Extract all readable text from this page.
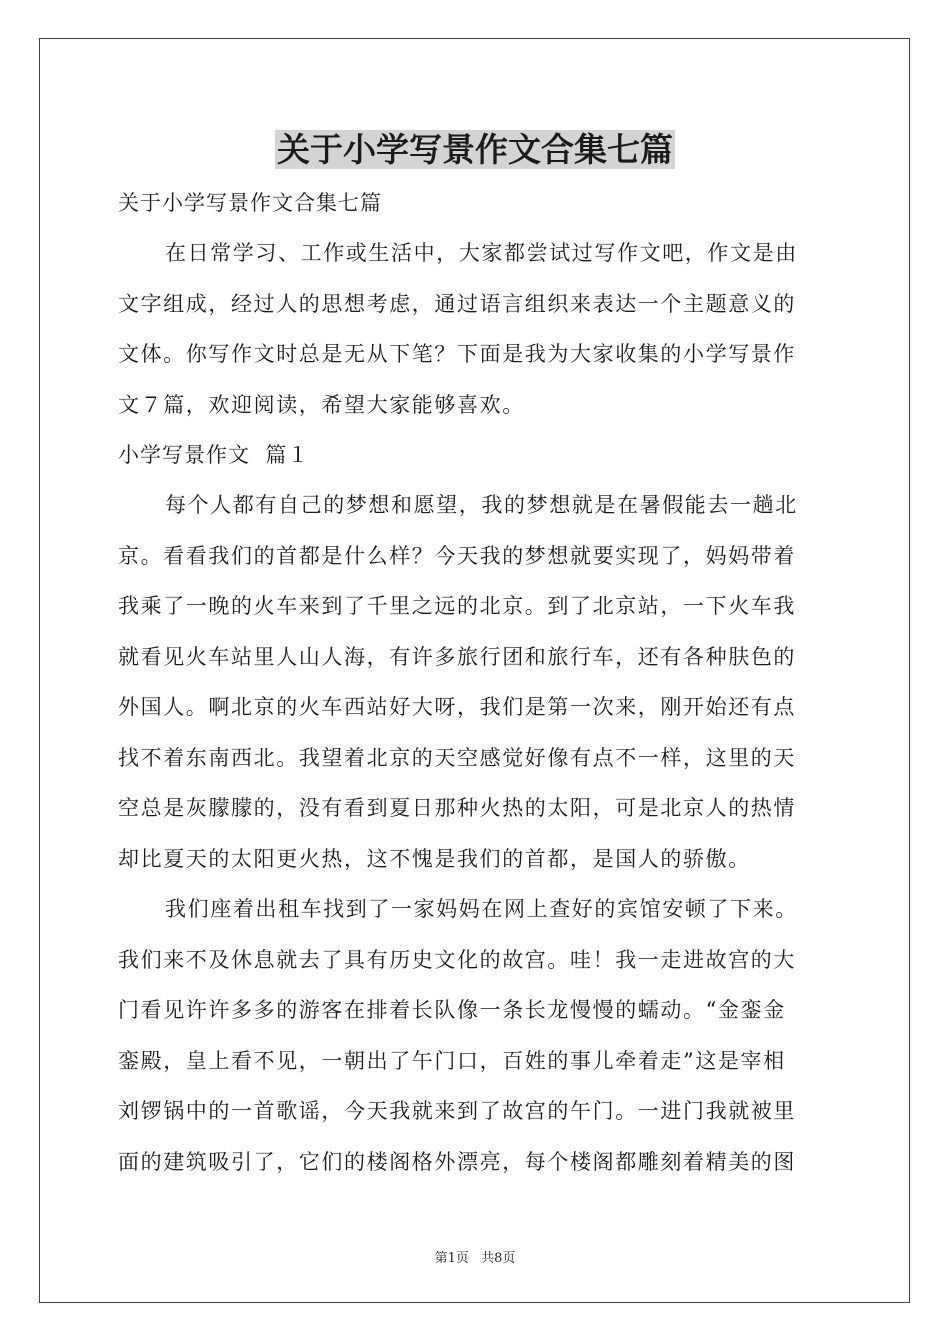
关于小学写景作文合集七篇

关于小学写景作文合集七篇

在日常学习、工作或生活中，大家都尝试过写作文吧，作文是由
文字组成，经过人的思想考虑，通过语言组织来表达一个主题意义的
文体。你写作文时总是无从下笔？下面是我为大家收集的小学写景作
文７篇，欢迎阅读，希望大家能够喜欢。

小学写景作文  篇１

每个人都有自己的梦想和愿望，我的梦想就是在暑假能去一趟北
京。看看我们的首都是什么样？今天我的梦想就要实现了，妈妈带着
我乘了一晚的火车来到了千里之远的北京。到了北京站，一下火车我
就看见火车站里人山人海，有许多旅行团和旅行车，还有各种肤色的
外国人。啊北京的火车西站好大呀，我们是第一次来，刚开始还有点
找不着东南西北。我望着北京的天空感觉好像有点不一样，这里的天
空总是灰朦朦的，没有看到夏日那种火热的太阳，可是北京人的热情
却比夏天的太阳更火热，这不愧是我们的首都，是国人的骄傲。

我们座着出租车找到了一家妈妈在网上查好的宾馆安顿了下来。
我们来不及休息就去了具有历史文化的故宫。哇！我一走进故宫的大
门看见许许多多的游客在排着长队像一条长龙慢慢的蠕动。“金銮金
銮殿，皇上看不见，一朝出了午门口，百姓的事儿牵着走”这是宰相
刘锣锅中的一首歌谣，今天我就来到了故宫的午门。一进门我就被里
面的建筑吸引了，它们的楼阁格外漂亮，每个楼阁都雕刻着精美的图

第1页 共8页
